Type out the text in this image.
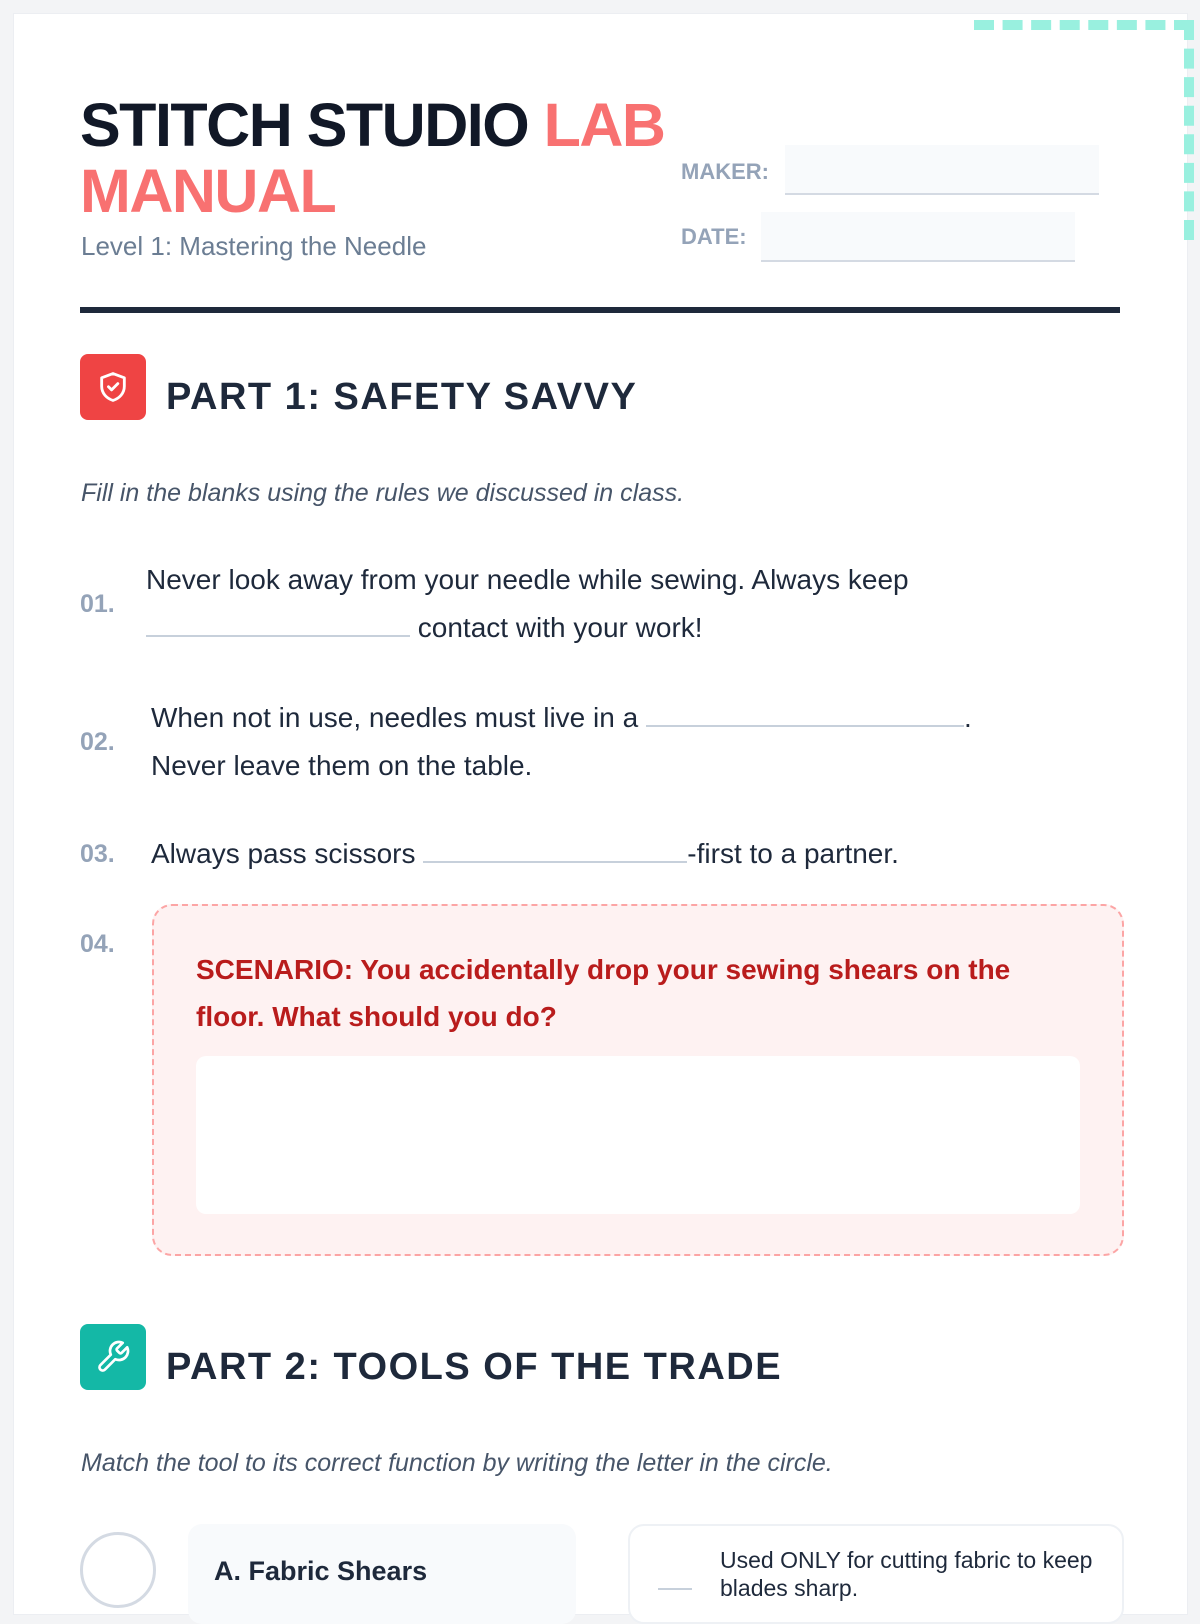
STITCH STUDIO LAB MANUAL
Level 1: Mastering the Needle
MAKER:
DATE:
PART 1: SAFETY SAVVY
Fill in the blanks using the rules we discussed in class.
01.
Never look away from your needle while sewing. Always keep
contact with your work!
02.
When not in use, needles must live in a	.
Never leave them on the table.
03. Always pass scissors	-first to a partner.
04.
SCENARIO: You accidentally drop your sewing shears on the floor. What should you do?
PART 2: TOOLS OF THE TRADE
Match the tool to its correct function by writing the letter in the circle.
A. Fabric Shears	Used ONLY for cutting fabric to keep blades sharp.
